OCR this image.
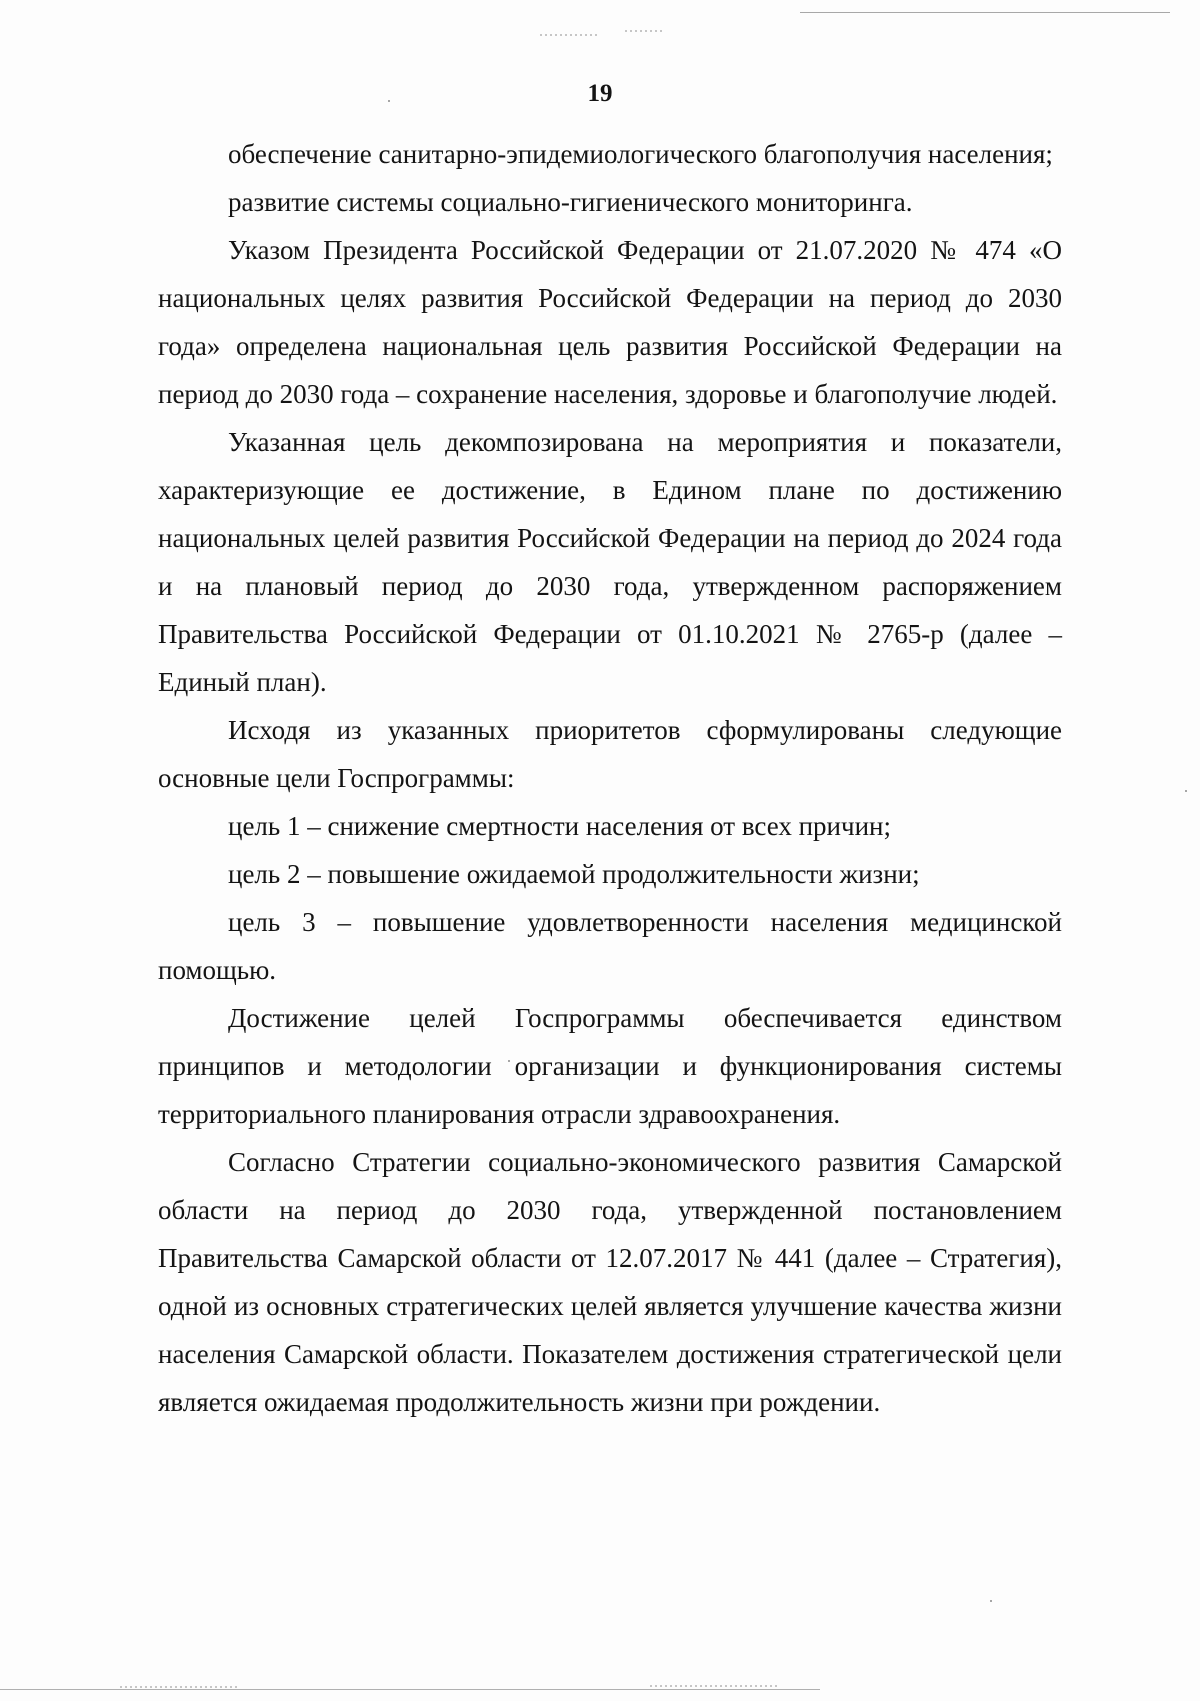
19

обеспечение санитарно-эпидемиологического благополучия населения;

развитие системы социально-гигиенического мониторинга.

Указом Президента Российской Федерации от 21.07.2020 № 474 «О национальных целях развития Российской Федерации на период до 2030 года» определена национальная цель развития Российской Федерации на период до 2030 года – сохранение населения, здоровье и благополучие людей.

Указанная цель декомпозирована на мероприятия и показатели, характеризующие ее достижение, в Едином плане по достижению национальных целей развития Российской Федерации на период до 2024 года и на плановый период до 2030 года, утвержденном распоряжением Правительства Российской Федерации от 01.10.2021 № 2765-р (далее – Единый план).

Исходя из указанных приоритетов сформулированы следующие основные цели Госпрограммы:

цель 1 – снижение смертности населения от всех причин;

цель 2 – повышение ожидаемой продолжительности жизни;

цель 3 – повышение удовлетворенности населения медицинской помощью.

Достижение целей Госпрограммы обеспечивается единством принципов и методологии организации и функционирования системы территориального планирования отрасли здравоохранения.

Согласно Стратегии социально-экономического развития Самарской области на период до 2030 года, утвержденной постановлением Правительства Самарской области от 12.07.2017 № 441 (далее – Стратегия), одной из основных стратегических целей является улучшение качества жизни населения Самарской области. Показателем достижения стратегической цели является ожидаемая продолжительность жизни при рождении.
